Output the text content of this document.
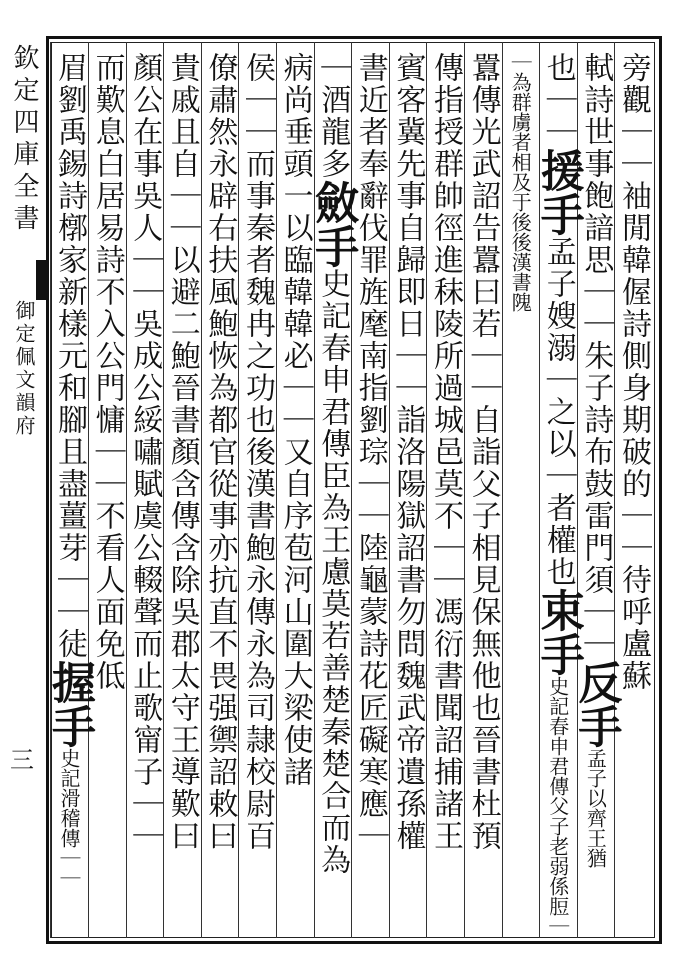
欽定四庫全書
御定佩文韻府
三
旁觀｜｜袖閒韓偓詩側身期破的｜｜待呼盧蘇
軾詩世事飽諳思｜｜朱子詩布鼓雷門須｜｜反手孟子以齊王猶
也｜｜援手孟子嫂溺｜之以｜者權也束手史記春申君傳父子老弱係脰｜
｜為群虜者相及于後後漢書隗
囂傳光武詔告囂曰若｜｜自詣父子相見保無他也晉書杜預
傳指授群帥徑進秣陵所過城邑莫不｜｜馮衍書聞詔捕諸王
賓客冀先事自歸即日｜｜詣洛陽獄詔書勿問魏武帝遺孫權
書近者奉辭伐罪旌麾南指劉琮｜｜陸龜蒙詩花匠礙寒應｜
｜酒龍多斂手史記春申君傳臣為王慮莫若善楚秦楚合而為
病尚垂頭一以臨韓韓必｜｜又自序苞河山圍大梁使諸
侯｜｜而事秦者魏冉之功也後漢書鮑永傳永為司隷校尉百
僚肅然永辟右扶風鮑恢為都官從事亦抗直不畏强禦詔敕曰
貴戚且自｜｜以避二鮑晉書顏含傳含除吳郡太守王導歎曰
顏公在事吳人｜｜吳成公綏嘯賦虞公輟聲而止歌甯子｜｜
而歎息白居易詩不入公門慵｜｜不看人面免低
眉劉禹錫詩槨家新樣元和腳且盡薑芽｜｜徒握手史記滑稽傳｜｜
